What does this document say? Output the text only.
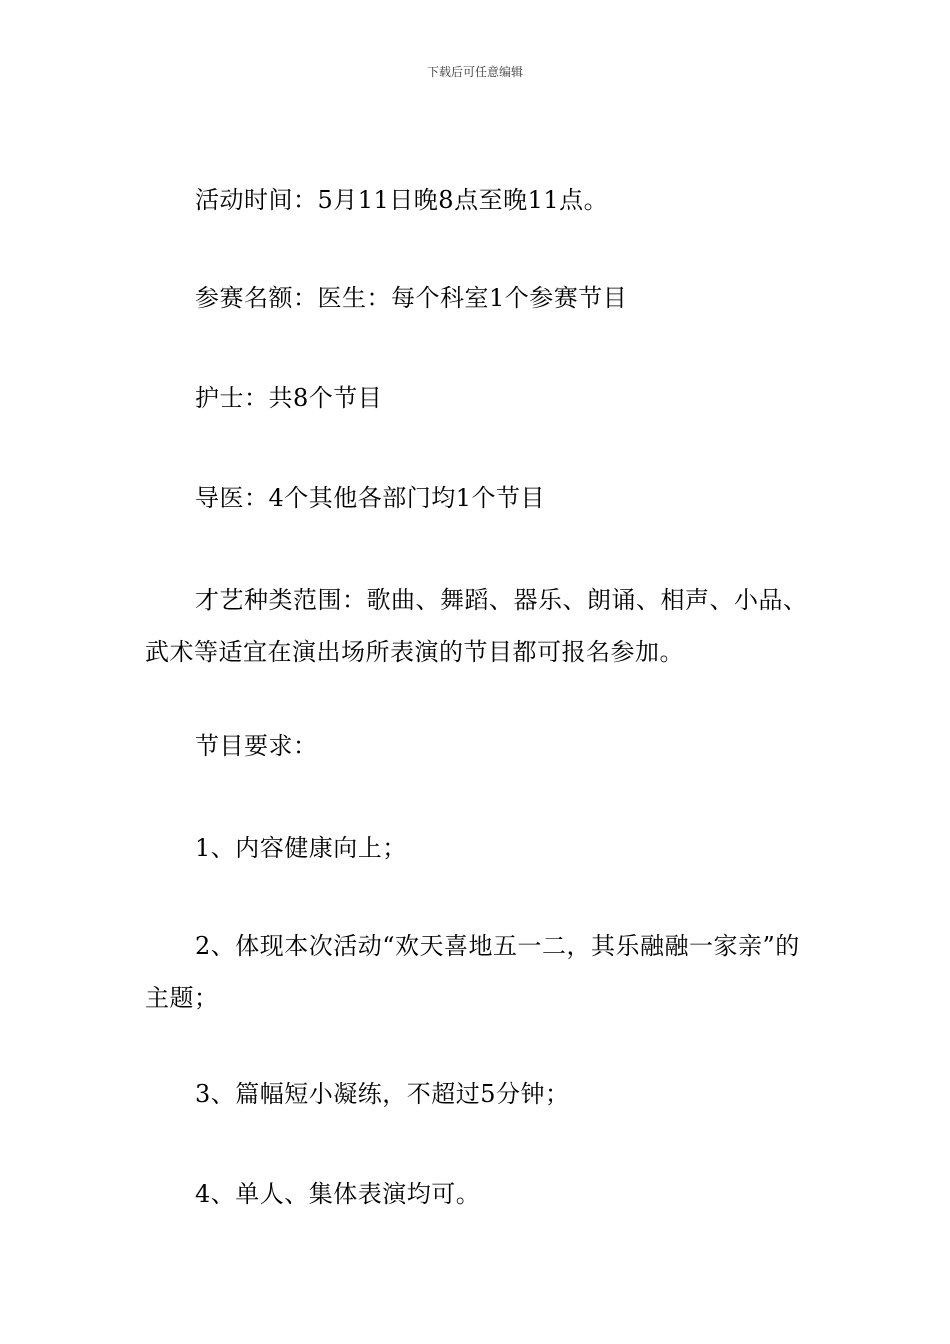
下载后可任意编辑

活动时间：5月11日晚8点至晚11点。

参赛名额：医生：每个科室1个参赛节目

护士：共8个节目

导医：4个其他各部门均1个节目

才艺种类范围：歌曲、舞蹈、器乐、朗诵、相声、小品、武术等适宜在演出场所表演的节目都可报名参加。

节目要求：

1、内容健康向上；

2、体现本次活动“欢天喜地五一二，其乐融融一家亲”的主题；

3、篇幅短小凝练，不超过5分钟；

4、单人、集体表演均可。
